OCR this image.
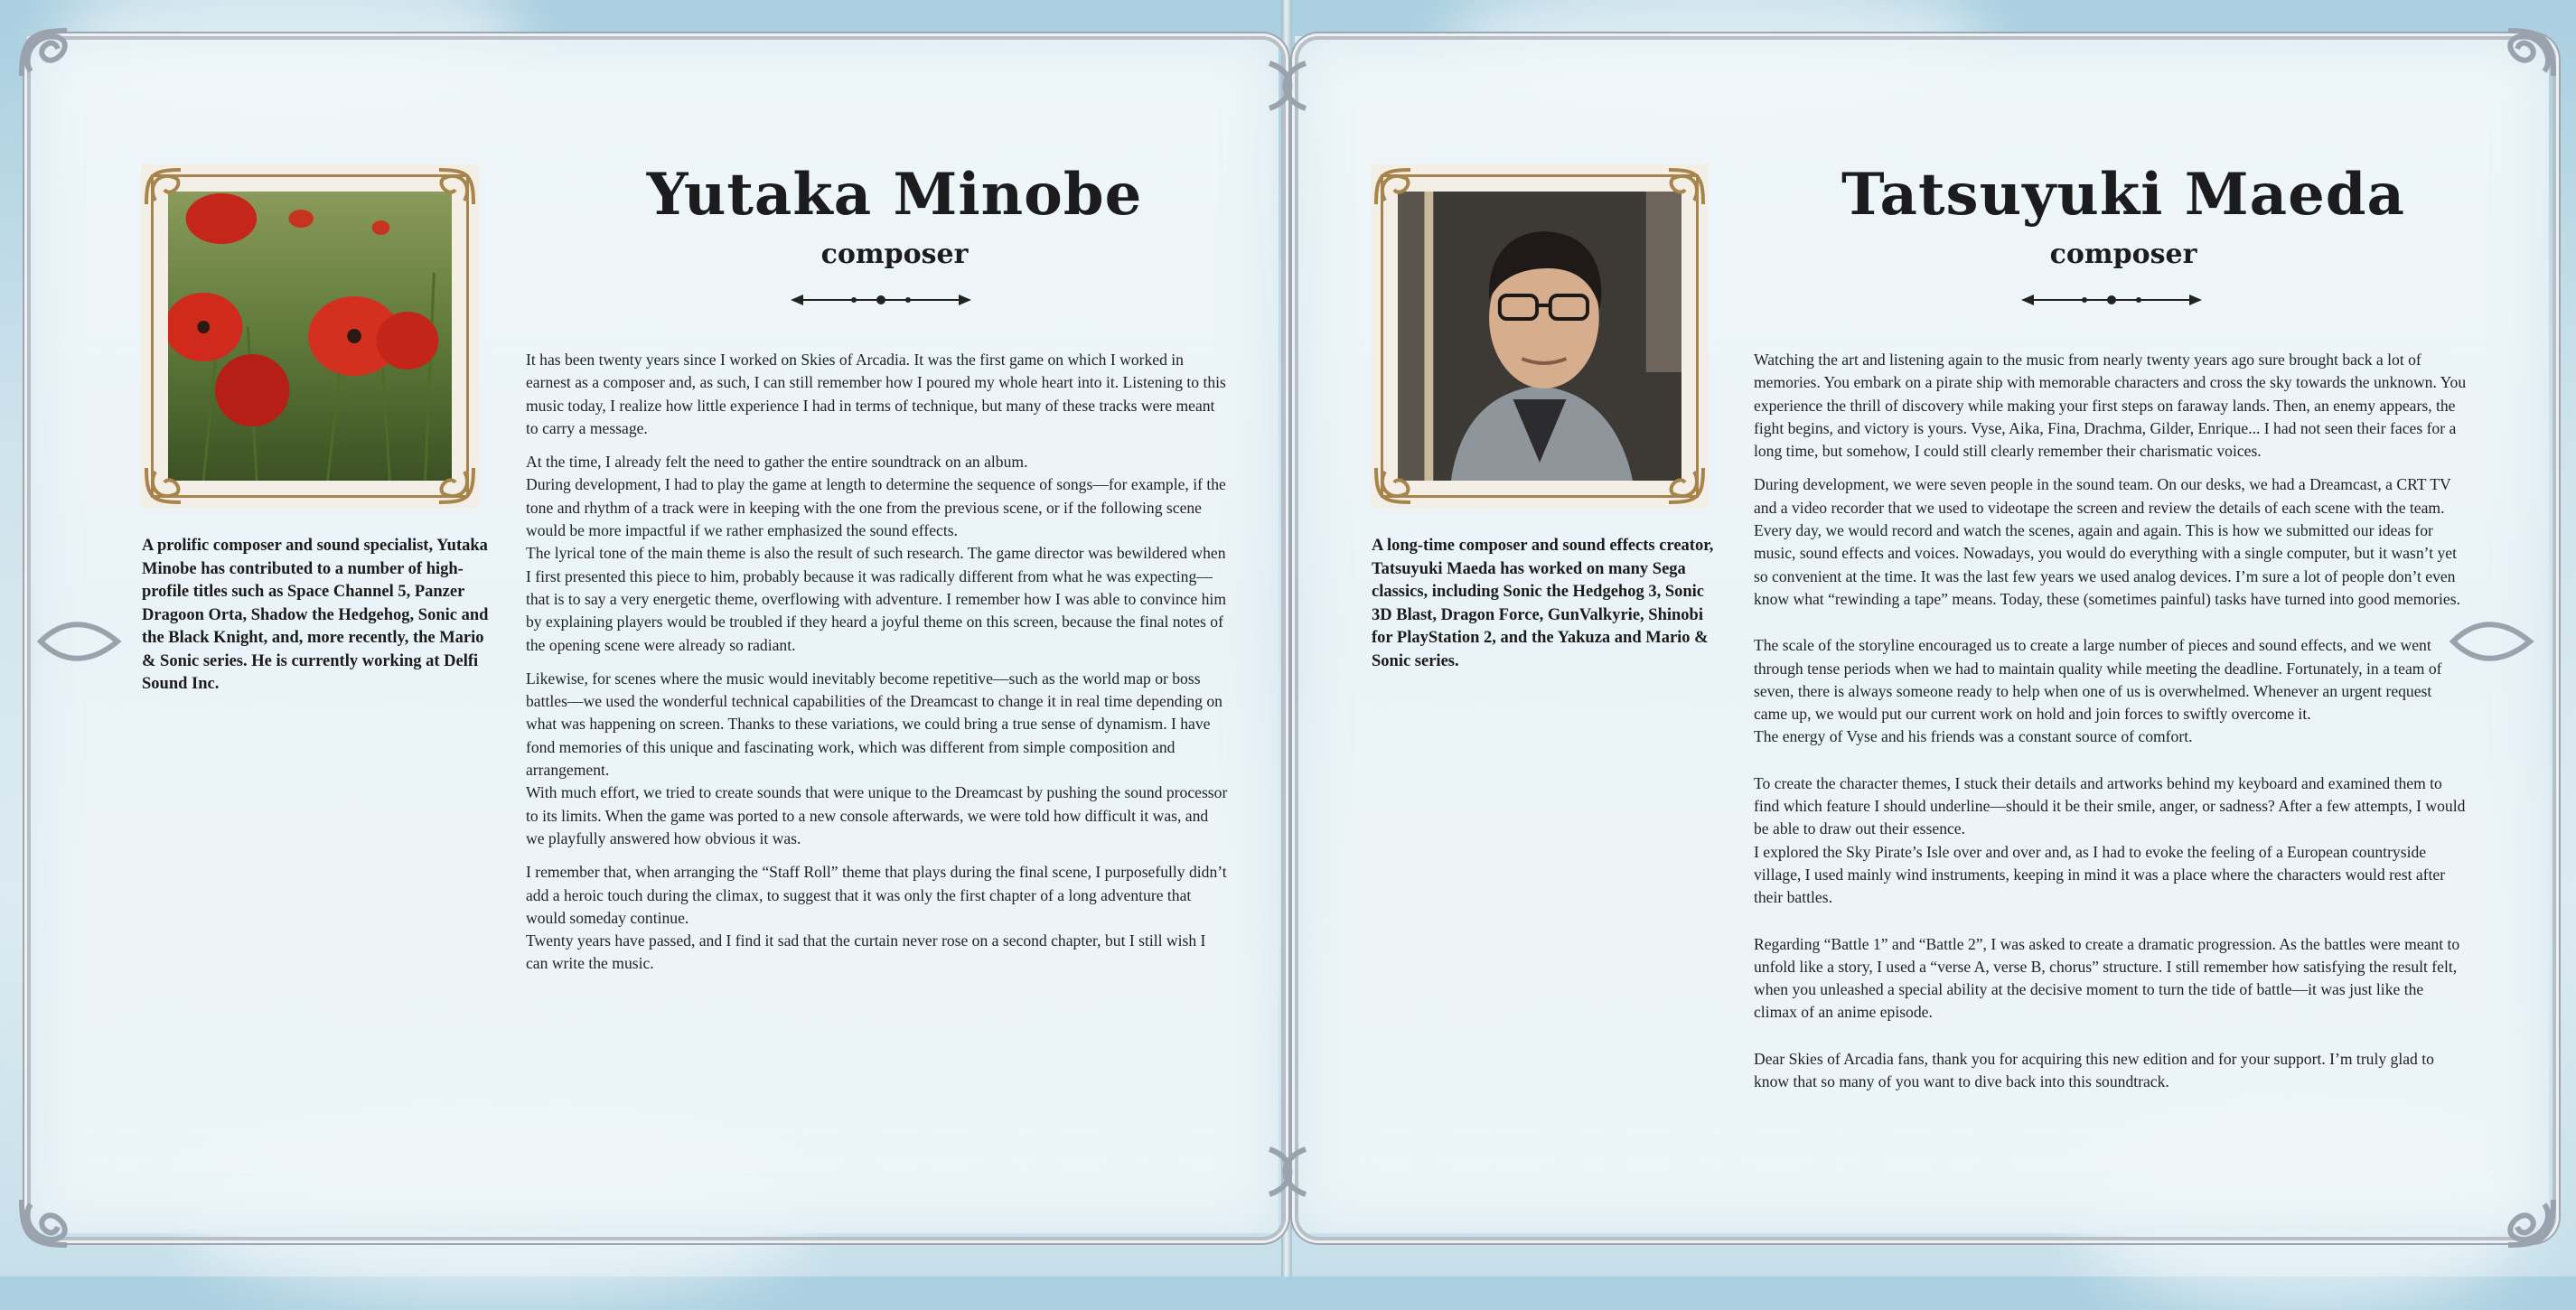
Yutaka Minobe
composer
A prolific composer and sound specialist, Yutaka Minobe has contributed to a number of high-profile titles such as Space Channel 5, Panzer Dragoon Orta, Shadow the Hedgehog, Sonic and the Black Knight, and, more recently, the Mario & Sonic series. He is currently working at Delfi Sound Inc.

It has been twenty years since I worked on Skies of Arcadia. It was the first game on which I worked in earnest as a composer and, as such, I can still remember how I poured my whole heart into it. Listening to this music today, I realize how little experience I had in terms of technique, but many of these tracks were meant to carry a message.

At the time, I already felt the need to gather the entire soundtrack on an album.
During development, I had to play the game at length to determine the sequence of songs—for example, if the tone and rhythm of a track were in keeping with the one from the previous scene, or if the following scene would be more impactful if we rather emphasized the sound effects.
The lyrical tone of the main theme is also the result of such research. The game director was bewildered when I first presented this piece to him, probably because it was radically different from what he was expecting—that is to say a very energetic theme, overflowing with adventure. I remember how I was able to convince him by explaining players would be troubled if they heard a joyful theme on this screen, because the final notes of the opening scene were already so radiant.

Likewise, for scenes where the music would inevitably become repetitive—such as the world map or boss battles—we used the wonderful technical capabilities of the Dreamcast to change it in real time depending on what was happening on screen. Thanks to these variations, we could bring a true sense of dynamism. I have fond memories of this unique and fascinating work, which was different from simple composition and arrangement.
With much effort, we tried to create sounds that were unique to the Dreamcast by pushing the sound processor to its limits. When the game was ported to a new console afterwards, we were told how difficult it was, and we playfully answered how obvious it was.

I remember that, when arranging the “Staff Roll” theme that plays during the final scene, I purposefully didn’t add a heroic touch during the climax, to suggest that it was only the first chapter of a long adventure that would someday continue.
Twenty years have passed, and I find it sad that the curtain never rose on a second chapter, but I still wish I can write the music.

Tatsuyuki Maeda
composer
A long-time composer and sound effects creator, Tatsuyuki Maeda has worked on many Sega classics, including Sonic the Hedgehog 3, Sonic 3D Blast, Dragon Force, GunValkyrie, Shinobi for PlayStation 2, and the Yakuza and Mario & Sonic series.

Watching the art and listening again to the music from nearly twenty years ago sure brought back a lot of memories. You embark on a pirate ship with memorable characters and cross the sky towards the unknown. You experience the thrill of discovery while making your first steps on faraway lands. Then, an enemy appears, the fight begins, and victory is yours. Vyse, Aika, Fina, Drachma, Gilder, Enrique... I had not seen their faces for a long time, but somehow, I could still clearly remember their charismatic voices.

During development, we were seven people in the sound team. On our desks, we had a Dreamcast, a CRT TV and a video recorder that we used to videotape the screen and review the details of each scene with the team. Every day, we would record and watch the scenes, again and again. This is how we submitted our ideas for music, sound effects and voices. Nowadays, you would do everything with a single computer, but it wasn’t yet so convenient at the time. It was the last few years we used analog devices. I’m sure a lot of people don’t even know what “rewinding a tape” means. Today, these (sometimes painful) tasks have turned into good memories.

The scale of the storyline encouraged us to create a large number of pieces and sound effects, and we went through tense periods when we had to maintain quality while meeting the deadline. Fortunately, in a team of seven, there is always someone ready to help when one of us is overwhelmed. Whenever an urgent request came up, we would put our current work on hold and join forces to swiftly overcome it.
The energy of Vyse and his friends was a constant source of comfort.

To create the character themes, I stuck their details and artworks behind my keyboard and examined them to find which feature I should underline—should it be their smile, anger, or sadness? After a few attempts, I would be able to draw out their essence.
I explored the Sky Pirate’s Isle over and over and, as I had to evoke the feeling of a European countryside village, I used mainly wind instruments, keeping in mind it was a place where the characters would rest after their battles.

Regarding “Battle 1” and “Battle 2”, I was asked to create a dramatic progression. As the battles were meant to unfold like a story, I used a “verse A, verse B, chorus” structure. I still remember how satisfying the result felt, when you unleashed a special ability at the decisive moment to turn the tide of battle—it was just like the climax of an anime episode.

Dear Skies of Arcadia fans, thank you for acquiring this new edition and for your support. I’m truly glad to know that so many of you want to dive back into this soundtrack.
